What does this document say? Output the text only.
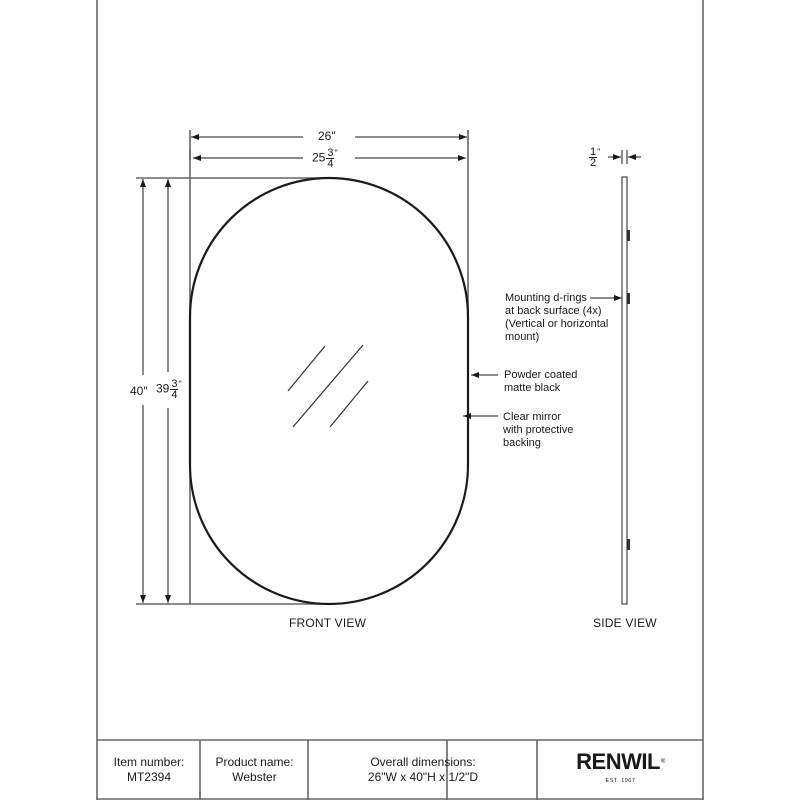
26"
$25 \frac{3}{4} ^"$
40" $39 \frac{3}{4} ^"$
$\frac{1}{2} ^"$
Mounting d-rings
at back surface (4x)
(Vertical or horizontal
mount)
Powder coated
matte black
Clear mirror
with protective
backing
FRONT VIEW	SIDE VIEW
Item number:
MT2394
Product name:
Webster
Overall dimensions:
26"W x 40"H x 1/2"D
RENWIL®
EST. 1967
